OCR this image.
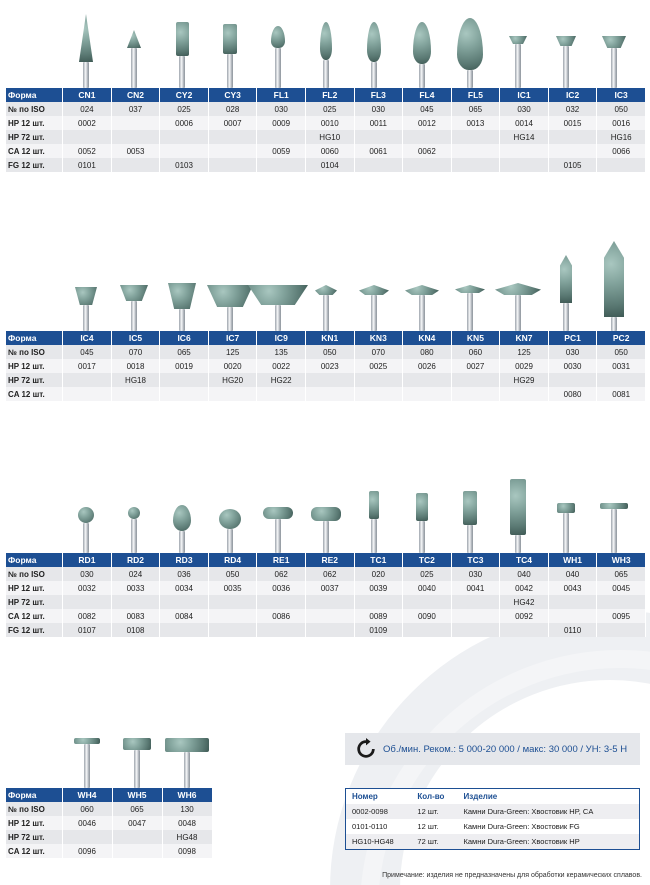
Форма	CN1	CN2	CY2	CY3	FL1	FL2	FL3	FL4	FL5	IC1	IC2	IC3
№ по ISO	024	037	025	028	030	025	030	045	065	030	032	050
HP 12 шт.	0002		0006	0007	0009	0010	0011	0012	0013	0014	0015	0016
HP 72 шт.						HG10				HG14		HG16
CA 12 шт.	0052	0053			0059	0060	0061	0062				0066
FG 12 шт.	0101		0103			0104					0105	
Форма	IC4	IC5	IC6	IC7	IC9	KN1	KN3	KN4	KN5	KN7	PC1	PC2
№ по ISO	045	070	065	125	135	050	070	080	060	125	030	050
HP 12 шт.	0017	0018	0019	0020	0022	0023	0025	0026	0027	0029	0030	0031
HP 72 шт.		HG18		HG20	HG22					HG29		
CA 12 шт.											0080	0081
Форма	RD1	RD2	RD3	RD4	RE1	RE2	TC1	TC2	TC3	TC4	WH1	WH3
№ по ISO	030	024	036	050	062	062	020	025	030	040	040	065
HP 12 шт.	0032	0033	0034	0035	0036	0037	0039	0040	0041	0042	0043	0045
HP 72 шт.										HG42		
CA 12 шт.	0082	0083	0084		0086		0089	0090		0092		0095
FG 12 шт.	0107	0108					0109				0110	
Форма	WH4	WH5	WH6
№ по ISO	060	065	130
HP 12 шт.	0046	0047	0048
HP 72 шт.			HG48
CA 12 шт.	0096		0098
Об./мин. Реком.: 5 000-20 000 / макс: 30 000 / УН: 3-5 Н
Номер	Кол-во	Изделие
0002-0098	12 шт.	Камни Dura-Green: Хвостовик HP, CA
0101-0110	12 шт.	Камни Dura-Green: Хвостовик FG
HG10-HG48	72 шт.	Камни Dura-Green: Хвостовик HP
Примечание: изделия не предназначены для обработки керамических сплавов.
